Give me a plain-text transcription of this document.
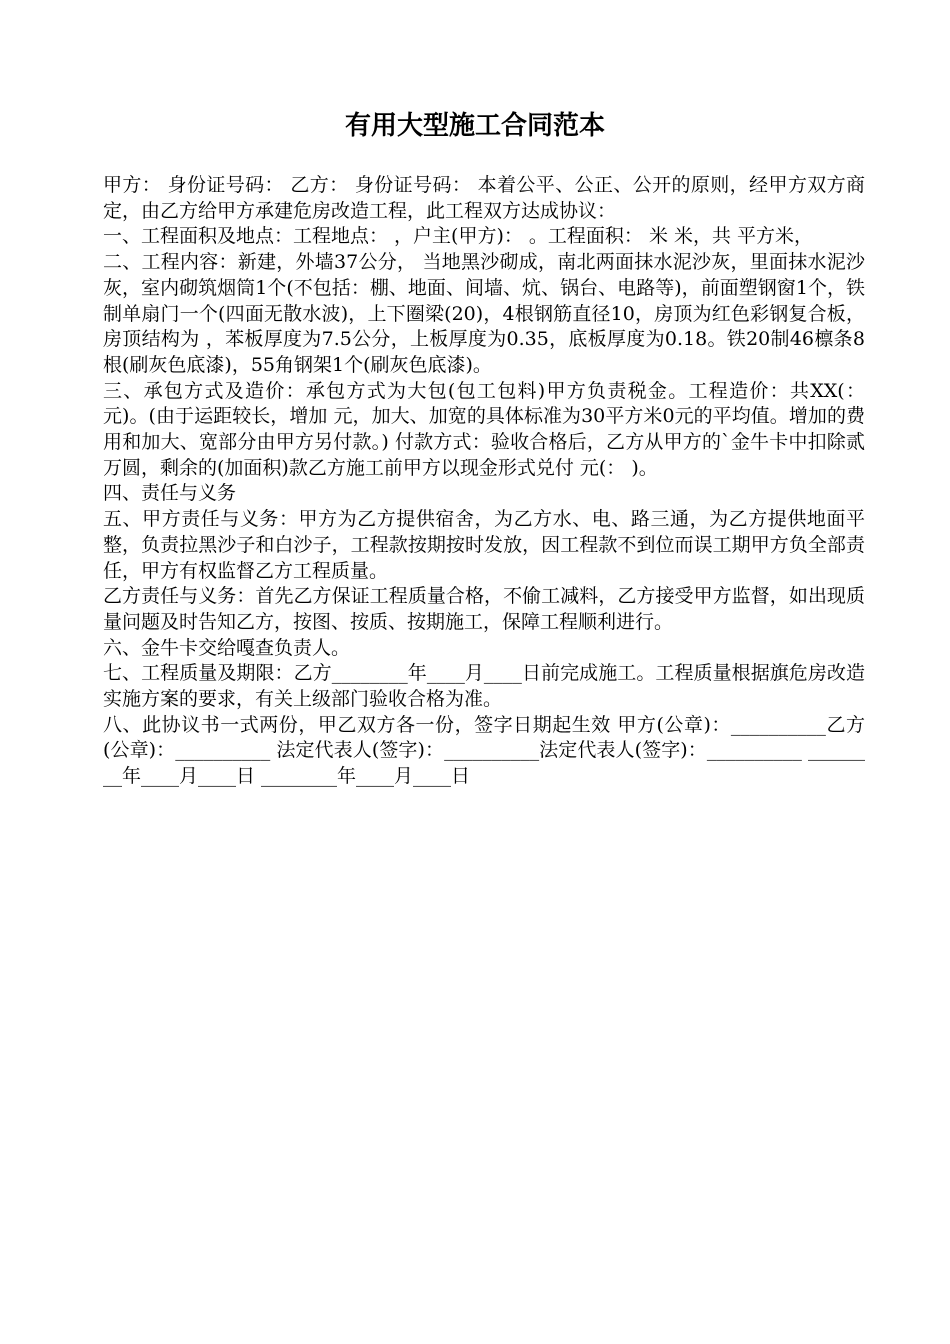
有用大型施工合同范本

甲方： 身份证号码： 乙方： 身份证号码： 本着公平、公正、公开的原则，经甲方双方商定，由乙方给甲方承建危房改造工程，此工程双方达成协议：

一、工程面积及地点：工程地点： ，户主(甲方)： 。工程面积： 米 米，共 平方米，

二、工程内容：新建，外墙37公分， 当地黑沙砌成，南北两面抹水泥沙灰，里面抹水泥沙灰，室内砌筑烟筒1个(不包括：棚、地面、间墙、炕、锅台、电路等)，前面塑钢窗1个，铁制单扇门一个(四面无散水波)，上下圈梁(20)，4根钢筋直径10，房顶为红色彩钢复合板，房顶结构为 ，苯板厚度为7.5公分，上板厚度为0.35，底板厚度为0.18。铁20制46檩条8根(刷灰色底漆)，55角钢架1个(刷灰色底漆)。

三、承包方式及造价：承包方式为大包(包工包料)甲方负责税金。工程造价：共XX(： 元)。(由于运距较长，增加 元，加大、加宽的具体标准为30平方米0元的平均值。增加的费用和加大、宽部分由甲方另付款。) 付款方式：验收合格后，乙方从甲方的`金牛卡中扣除贰万圆，剩余的(加面积)款乙方施工前甲方以现金形式兑付 元(： )。

四、责任与义务

五、甲方责任与义务：甲方为乙方提供宿舍，为乙方水、电、路三通，为乙方提供地面平整，负责拉黑沙子和白沙子，工程款按期按时发放，因工程款不到位而误工期甲方负全部责任，甲方有权监督乙方工程质量。

乙方责任与义务：首先乙方保证工程质量合格，不偷工减料，乙方接受甲方监督，如出现质量问题及时告知乙方，按图、按质、按期施工，保障工程顺利进行。

六、金牛卡交给嘎查负责人。

七、工程质量及期限：乙方________年____月____日前完成施工。工程质量根据旗危房改造实施方案的要求，有关上级部门验收合格为准。

八、此协议书一式两份，甲乙双方各一份，签字日期起生效 甲方(公章)：__________乙方(公章)：__________ 法定代表人(签字)：__________法定代表人(签字)：__________ ________年____月____日 ________年____月____日
